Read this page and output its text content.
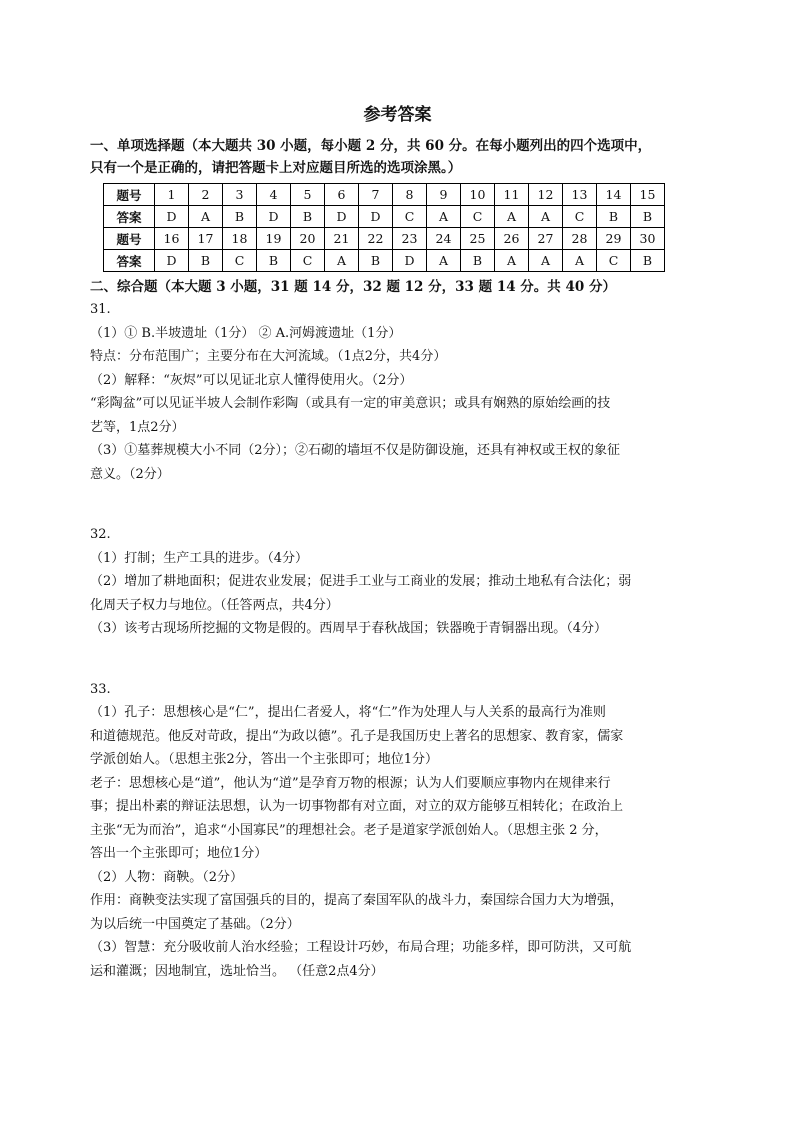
参考答案

一、单项选择题（本大题共 30 小题，每小题 2 分，共 60 分。在每小题列出的四个选项中，

只有一个是正确的，请把答题卡上对应题目所选的选项涂黑。）

题号	1	2	3	4	5	6	7	8	9	10	11	12	13	14	15
答案	D	A	B	D	B	D	D	C	A	C	A	A	C	B	B
题号	16	17	18	19	20	21	22	23	24	25	26	27	28	29	30
答案	D	B	C	B	C	A	B	D	A	B	A	A	A	C	B

二、综合题（本大题 3 小题，31 题 14 分，32 题 12 分，33 题 14 分。共 40 分）

31.

（1）① B.半坡遗址（1分） ② A.河姆渡遗址（1分）

特点：分布范围广；主要分布在大河流域。（1点2分，共4分）

（2）解释：“灰烬”可以见证北京人懂得使用火。（2分）

“彩陶盆”可以见证半坡人会制作彩陶（或具有一定的审美意识；或具有娴熟的原始绘画的技

艺等，1点2分）

（3）①墓葬规模大小不同（2分）；②石砌的墙垣不仅是防御设施，还具有神权或王权的象征

意义。（2分）

32.

（1）打制；生产工具的进步。（4分）

（2）增加了耕地面积；促进农业发展；促进手工业与工商业的发展；推动土地私有合法化；弱

化周天子权力与地位。（任答两点，共4分）

（3）该考古现场所挖掘的文物是假的。西周早于春秋战国；铁器晚于青铜器出现。（4分）

33.

（1）孔子：思想核心是“仁”，提出仁者爱人，将“仁”作为处理人与人关系的最高行为准则

和道德规范。他反对苛政，提出“为政以德”。孔子是我国历史上著名的思想家、教育家，儒家

学派创始人。（思想主张2分，答出一个主张即可；地位1分）

老子：思想核心是“道”，他认为“道”是孕育万物的根源；认为人们要顺应事物内在规律来行

事；提出朴素的辩证法思想，认为一切事物都有对立面，对立的双方能够互相转化；在政治上

主张“无为而治”，追求“小国寡民”的理想社会。老子是道家学派创始人。（思想主张 2 分，

答出一个主张即可；地位1分）

（2）人物：商鞅。（2分）

作用：商鞅变法实现了富国强兵的目的，提高了秦国军队的战斗力，秦国综合国力大为增强，

为以后统一中国奠定了基础。（2分）

（3）智慧：充分吸收前人治水经验；工程设计巧妙，布局合理；功能多样，即可防洪，又可航

运和灌溉；因地制宜，选址恰当。 （任意2点4分）
